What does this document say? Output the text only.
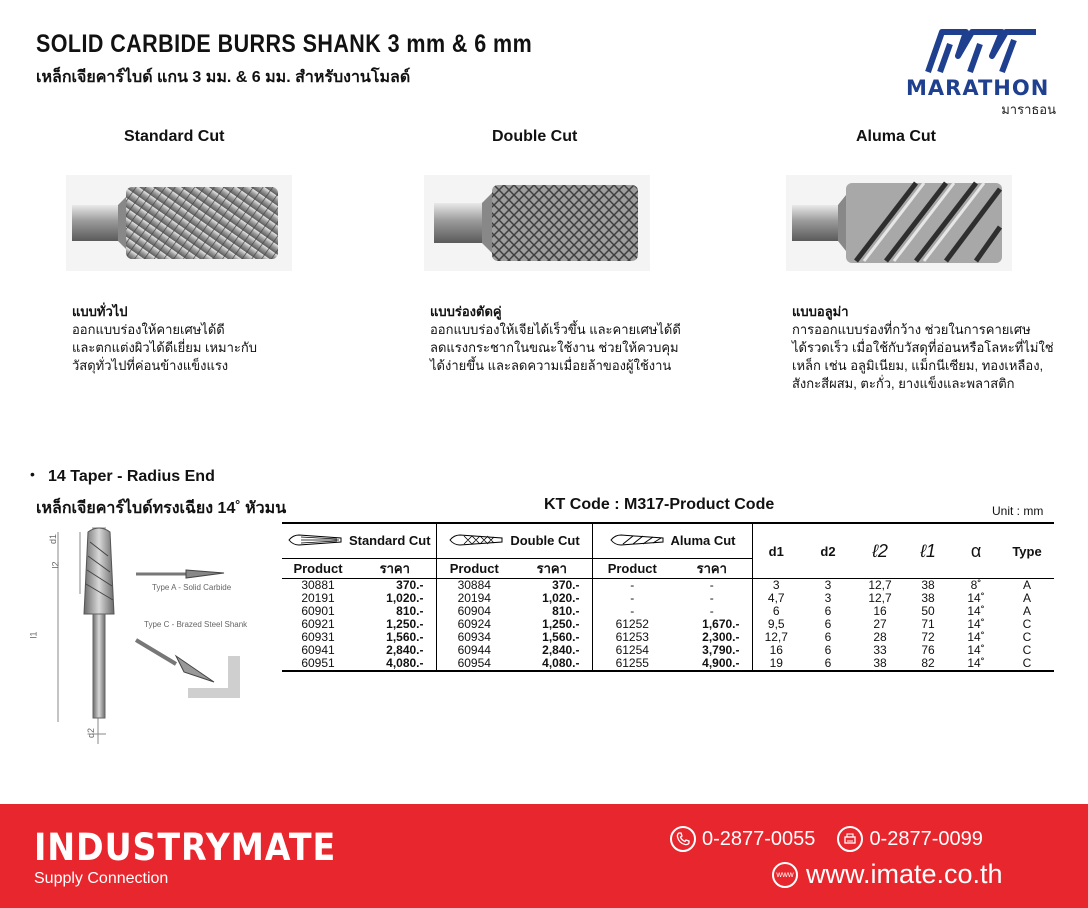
SOLID CARBIDE BURRS SHANK 3 mm & 6 mm
เหล็กเจียคาร์ไบด์ แกน 3 มม. & 6 มม. สำหรับงานโมลด์	MARATHON
มาราธอน
Standard Cut	Double Cut	Aluma Cut
แบบทั่วไป
ออกแบบร่องให้คายเศษได้ดี
และตกแต่งผิวได้ดีเยี่ยม เหมาะกับ
วัสดุทั่วไปที่ค่อนข้างแข็งแรง
แบบร่องตัดคู่
ออกแบบร่องให้เจียได้เร็วขึ้น และคายเศษได้ดี
ลดแรงกระชากในขณะใช้งาน ช่วยให้ควบคุม
ได้ง่ายขึ้น และลดความเมื่อยล้าของผู้ใช้งาน
แบบอลูม่า
การออกแบบร่องที่กว้าง ช่วยในการคายเศษ
ได้รวดเร็ว เมื่อใช้กับวัสดุที่อ่อนหรือโลหะที่ไม่ใช่
เหล็ก เช่น อลูมิเนียม, แม็กนีเซียม, ทองเหลือง,
สังกะสีผสม, ตะกั่ว, ยางแข็งและพลาสติก
• 14 Taper - Radius End
เหล็กเจียคาร์ไบด์ทรงเฉียง 14˚ หัวมน	KT Code : M317-Product Code	Unit : mm
d1
l2
l1
d2
Type A - Solid Carbide
Type C - Brazed Steel Shank
Standard Cut		Double Cut		Aluma Cut		d1	d2	ℓ2	ℓ1	α	Type
Product	ราคา	Product	ราคา	Product	ราคา						
30881	370.-	30884	370.-	-	-	3	3	12,7	38	8˚	A
20191	1,020.-	20194	1,020.-	-	-	4,7	3	12,7	38	14˚	A
60901	810.-	60904	810.-	-	-	6	6	16	50	14˚	A
60921	1,250.-	60924	1,250.-	61252	1,670.-	9,5	6	27	71	14˚	C
60931	1,560.-	60934	1,560.-	61253	2,300.-	12,7	6	28	72	14˚	C
60941	2,840.-	60944	2,840.-	61254	3,790.-	16	6	33	76	14˚	C
60951	4,080.-	60954	4,080.-	61255	4,900.-	19	6	38	82	14˚	C
INDUSTRYMATE
Supply Connection
0-2877-0055	0-2877-0099
www www.imate.co.th
